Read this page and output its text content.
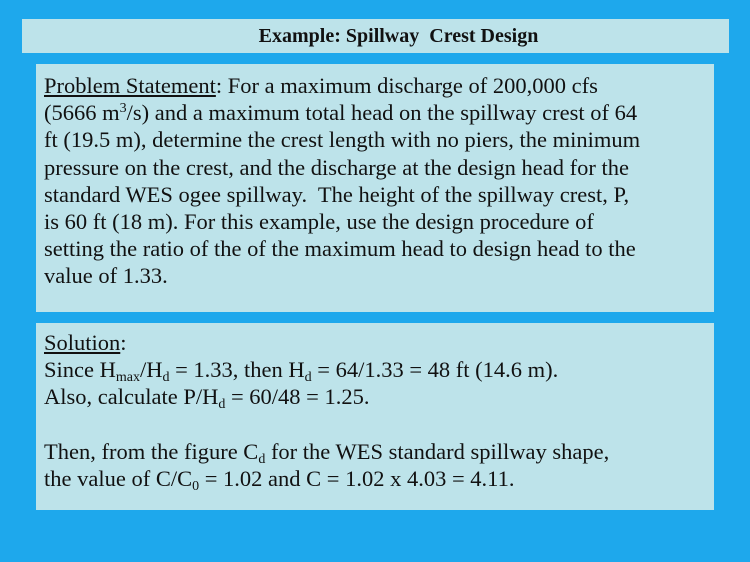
Example: Spillway  Crest Design
Problem Statement: For a maximum discharge of 200,000 cfs
(5666 $m^3/s$) and a maximum total head on the spillway crest of 64
ft (19.5 m), determine the crest length with no piers, the minimum
pressure on the crest, and the discharge at the design head for the
standard WES ogee spillway.  The height of the spillway crest, P,
is 60 ft (18 m). For this example, use the design procedure of
setting the ratio of the of the maximum head to design head to the
value of 1.33.
Solution:
Since $H_{max}/H_d = 1.33$, then $H_d = 64/1.33 = 48$ ft (14.6 m).
Also, calculate $P/H_d = 60/48 = 1.25$.
Then, from the figure $C_d$ for the WES standard spillway shape,
the value of $C/C_0 = 1.02$ and C = 1.02 x 4.03 = 4.11.
